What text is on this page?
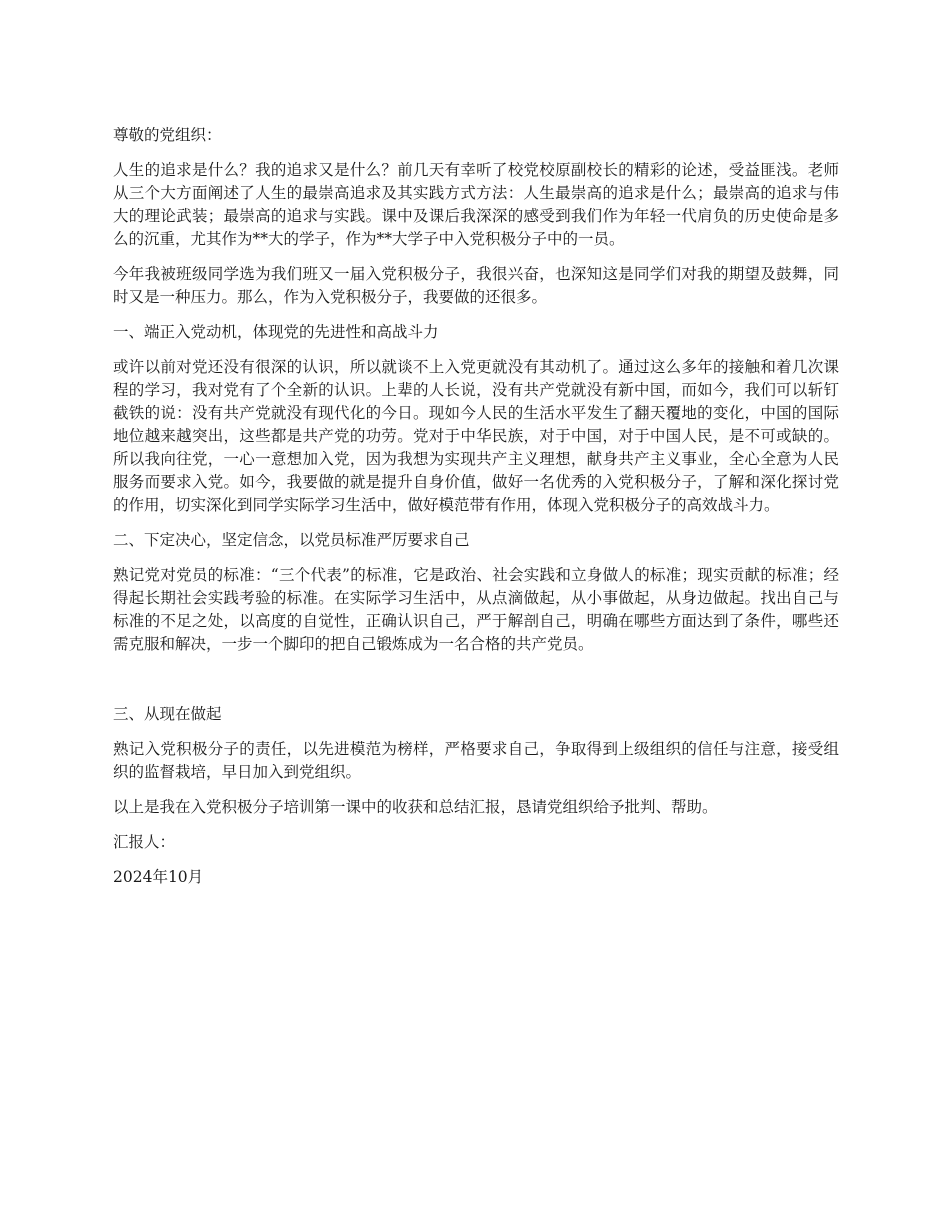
尊敬的党组织：

人生的追求是什么？我的追求又是什么？前几天有幸听了校党校原副校长的精彩的论述，受益匪浅。老师从三个大方面阐述了人生的最崇高追求及其实践方式方法：人生最崇高的追求是什么；最崇高的追求与伟大的理论武装；最崇高的追求与实践。课中及课后我深深的感受到我们作为年轻一代肩负的历史使命是多么的沉重，尤其作为**大的学子，作为**大学子中入党积极分子中的一员。

今年我被班级同学选为我们班又一届入党积极分子，我很兴奋，也深知这是同学们对我的期望及鼓舞，同时又是一种压力。那么，作为入党积极分子，我要做的还很多。

一、端正入党动机，体现党的先进性和高战斗力

或许以前对党还没有很深的认识，所以就谈不上入党更就没有其动机了。通过这么多年的接触和着几次课程的学习，我对党有了个全新的认识。上辈的人长说，没有共产党就没有新中国，而如今，我们可以斩钉截铁的说：没有共产党就没有现代化的今日。现如今人民的生活水平发生了翻天覆地的变化，中国的国际地位越来越突出，这些都是共产党的功劳。党对于中华民族，对于中国，对于中国人民，是不可或缺的。所以我向往党，一心一意想加入党，因为我想为实现共产主义理想，献身共产主义事业，全心全意为人民服务而要求入党。如今，我要做的就是提升自身价值，做好一名优秀的入党积极分子，了解和深化探讨党的作用，切实深化到同学实际学习生活中，做好模范带有作用，体现入党积极分子的高效战斗力。

二、下定决心，坚定信念，以党员标准严厉要求自己

熟记党对党员的标准：“三个代表”的标准，它是政治、社会实践和立身做人的标准；现实贡献的标准；经得起长期社会实践考验的标准。在实际学习生活中，从点滴做起，从小事做起，从身边做起。找出自己与标准的不足之处，以高度的自觉性，正确认识自己，严于解剖自己，明确在哪些方面达到了条件，哪些还需克服和解决，一步一个脚印的把自己锻炼成为一名合格的共产党员。

三、从现在做起

熟记入党积极分子的责任，以先进模范为榜样，严格要求自己，争取得到上级组织的信任与注意，接受组织的监督栽培，早日加入到党组织。

以上是我在入党积极分子培训第一课中的收获和总结汇报，恳请党组织给予批判、帮助。

汇报人：

2024年10月
